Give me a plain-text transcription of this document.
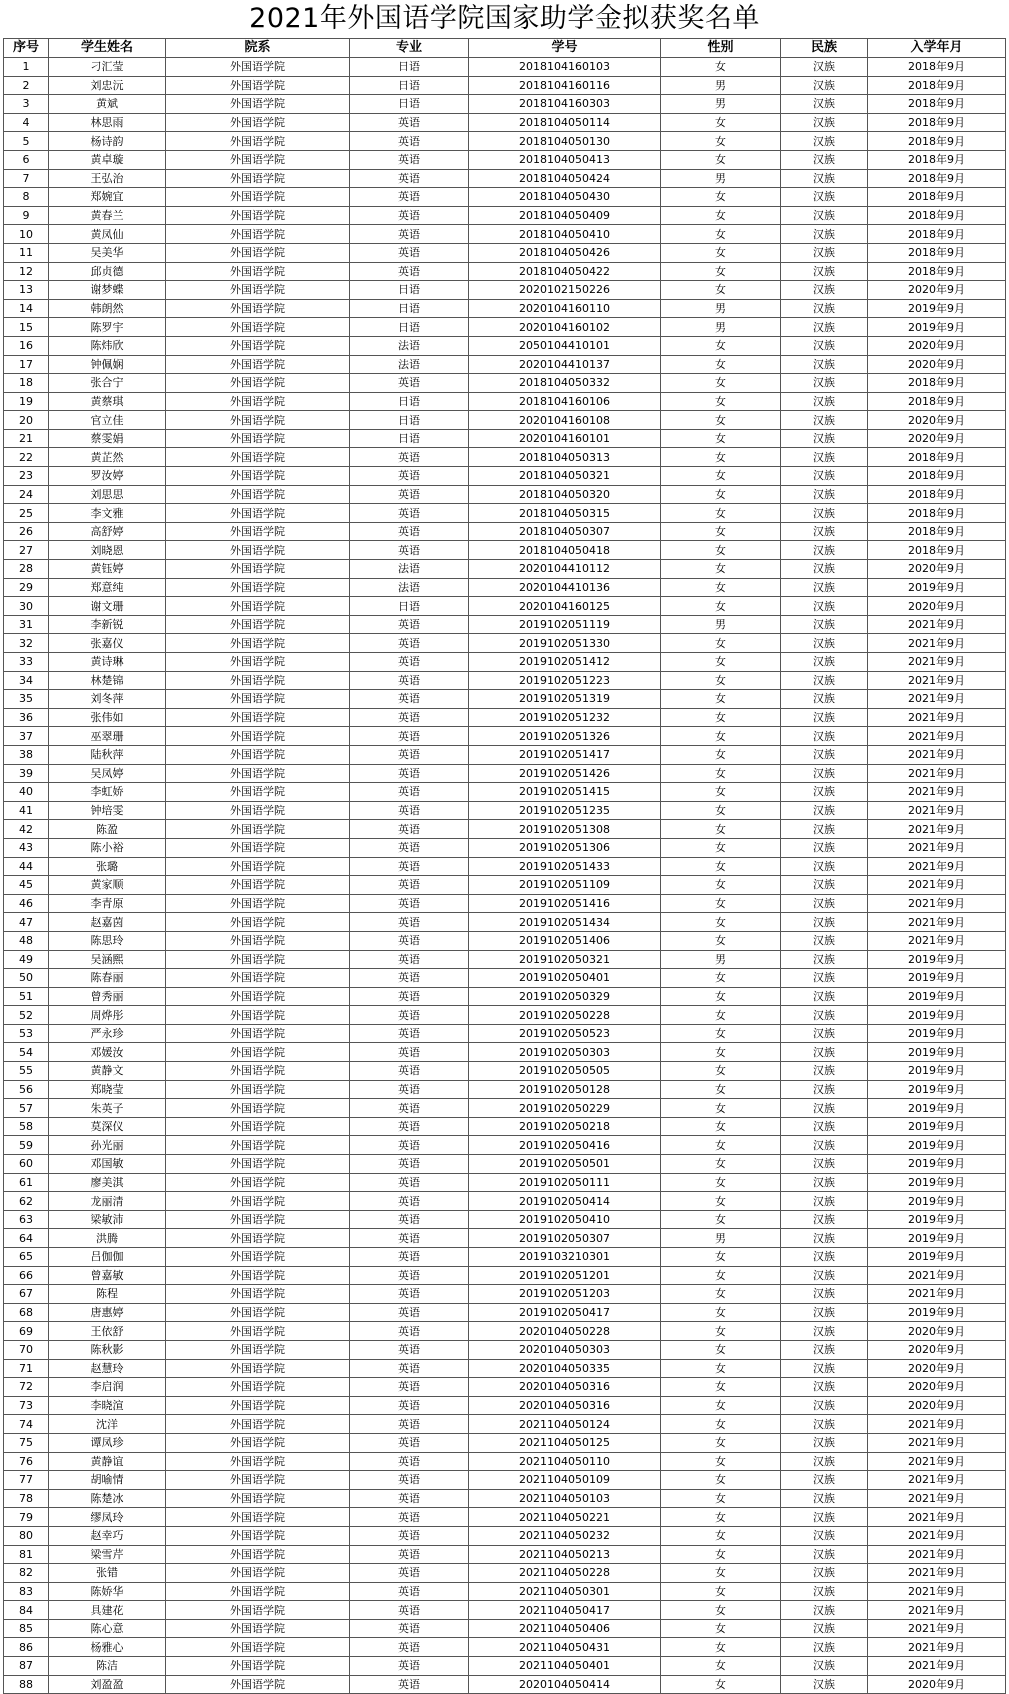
2021年外国语学院国家助学金拟获奖名单
序号	学生姓名	院系	专业	学号	性别	民族	入学年月
1	刁汇莹	外国语学院	日语	2018104160103	女	汉族	2018年9月
2	刘忠沅	外国语学院	日语	2018104160116	男	汉族	2018年9月
3	黄斌	外国语学院	日语	2018104160303	男	汉族	2018年9月
4	林思雨	外国语学院	英语	2018104050114	女	汉族	2018年9月
5	杨诗韵	外国语学院	英语	2018104050130	女	汉族	2018年9月
6	黄卓璇	外国语学院	英语	2018104050413	女	汉族	2018年9月
7	王弘治	外国语学院	英语	2018104050424	男	汉族	2018年9月
8	郑婉宜	外国语学院	英语	2018104050430	女	汉族	2018年9月
9	黄春兰	外国语学院	英语	2018104050409	女	汉族	2018年9月
10	黄凤仙	外国语学院	英语	2018104050410	女	汉族	2018年9月
11	吴美华	外国语学院	英语	2018104050426	女	汉族	2018年9月
12	邱贞德	外国语学院	英语	2018104050422	女	汉族	2018年9月
13	谢梦蝶	外国语学院	日语	2020102150226	女	汉族	2020年9月
14	韩朗然	外国语学院	日语	2020104160110	男	汉族	2019年9月
15	陈罗宇	外国语学院	日语	2020104160102	男	汉族	2019年9月
16	陈炜欣	外国语学院	法语	2050104410101	女	汉族	2020年9月
17	钟佩娴	外国语学院	法语	2020104410137	女	汉族	2020年9月
18	张合宁	外国语学院	英语	2018104050332	女	汉族	2018年9月
19	黄蔡琪	外国语学院	日语	2018104160106	女	汉族	2018年9月
20	官立佳	外国语学院	日语	2020104160108	女	汉族	2020年9月
21	蔡雯娟	外国语学院	日语	2020104160101	女	汉族	2020年9月
22	黄芷然	外国语学院	英语	2018104050313	女	汉族	2018年9月
23	罗汝婷	外国语学院	英语	2018104050321	女	汉族	2018年9月
24	刘思思	外国语学院	英语	2018104050320	女	汉族	2018年9月
25	李文雅	外国语学院	英语	2018104050315	女	汉族	2018年9月
26	高舒婷	外国语学院	英语	2018104050307	女	汉族	2018年9月
27	刘晓恩	外国语学院	英语	2018104050418	女	汉族	2018年9月
28	黄钰婷	外国语学院	法语	2020104410112	女	汉族	2020年9月
29	郑意纯	外国语学院	法语	2020104410136	女	汉族	2019年9月
30	谢文珊	外国语学院	日语	2020104160125	女	汉族	2020年9月
31	李新锐	外国语学院	英语	2019102051119	男	汉族	2021年9月
32	张嘉仪	外国语学院	英语	2019102051330	女	汉族	2021年9月
33	黄诗琳	外国语学院	英语	2019102051412	女	汉族	2021年9月
34	林楚锦	外国语学院	英语	2019102051223	女	汉族	2021年9月
35	刘冬萍	外国语学院	英语	2019102051319	女	汉族	2021年9月
36	张伟如	外国语学院	英语	2019102051232	女	汉族	2021年9月
37	巫翠珊	外国语学院	英语	2019102051326	女	汉族	2021年9月
38	陆秋萍	外国语学院	英语	2019102051417	女	汉族	2021年9月
39	吴凤婷	外国语学院	英语	2019102051426	女	汉族	2021年9月
40	李虹娇	外国语学院	英语	2019102051415	女	汉族	2021年9月
41	钟培雯	外国语学院	英语	2019102051235	女	汉族	2021年9月
42	陈盈	外国语学院	英语	2019102051308	女	汉族	2021年9月
43	陈小裕	外国语学院	英语	2019102051306	女	汉族	2021年9月
44	张璐	外国语学院	英语	2019102051433	女	汉族	2021年9月
45	黄家顺	外国语学院	英语	2019102051109	女	汉族	2021年9月
46	李青原	外国语学院	英语	2019102051416	女	汉族	2021年9月
47	赵嘉茵	外国语学院	英语	2019102051434	女	汉族	2021年9月
48	陈思玲	外国语学院	英语	2019102051406	女	汉族	2021年9月
49	吴涵熙	外国语学院	英语	2019102050321	男	汉族	2019年9月
50	陈春丽	外国语学院	英语	2019102050401	女	汉族	2019年9月
51	曾秀丽	外国语学院	英语	2019102050329	女	汉族	2019年9月
52	周烨彤	外国语学院	英语	2019102050228	女	汉族	2019年9月
53	严永珍	外国语学院	英语	2019102050523	女	汉族	2019年9月
54	邓媛汝	外国语学院	英语	2019102050303	女	汉族	2019年9月
55	黄静文	外国语学院	英语	2019102050505	女	汉族	2019年9月
56	郑晓莹	外国语学院	英语	2019102050128	女	汉族	2019年9月
57	朱英子	外国语学院	英语	2019102050229	女	汉族	2019年9月
58	莫深仪	外国语学院	英语	2019102050218	女	汉族	2019年9月
59	孙光丽	外国语学院	英语	2019102050416	女	汉族	2019年9月
60	邓国敏	外国语学院	英语	2019102050501	女	汉族	2019年9月
61	廖美淇	外国语学院	英语	2019102050111	女	汉族	2019年9月
62	龙丽清	外国语学院	英语	2019102050414	女	汉族	2019年9月
63	梁敏沛	外国语学院	英语	2019102050410	女	汉族	2019年9月
64	洪腾	外国语学院	英语	2019102050307	男	汉族	2019年9月
65	吕伽伽	外国语学院	英语	2019103210301	女	汉族	2019年9月
66	曾嘉敏	外国语学院	英语	2019102051201	女	汉族	2021年9月
67	陈程	外国语学院	英语	2019102051203	女	汉族	2021年9月
68	唐惠婷	外国语学院	英语	2019102050417	女	汉族	2019年9月
69	王依舒	外国语学院	英语	2020104050228	女	汉族	2020年9月
70	陈秋影	外国语学院	英语	2020104050303	女	汉族	2020年9月
71	赵慧玲	外国语学院	英语	2020104050335	女	汉族	2020年9月
72	李启润	外国语学院	英语	2020104050316	女	汉族	2020年9月
73	李晓渲	外国语学院	英语	2020104050316	女	汉族	2020年9月
74	沈洋	外国语学院	英语	2021104050124	女	汉族	2021年9月
75	谭凤珍	外国语学院	英语	2021104050125	女	汉族	2021年9月
76	黄静谊	外国语学院	英语	2021104050110	女	汉族	2021年9月
77	胡喻情	外国语学院	英语	2021104050109	女	汉族	2021年9月
78	陈楚冰	外国语学院	英语	2021104050103	女	汉族	2021年9月
79	缪凤玲	外国语学院	英语	2021104050221	女	汉族	2021年9月
80	赵幸巧	外国语学院	英语	2021104050232	女	汉族	2021年9月
81	梁雪芹	外国语学院	英语	2021104050213	女	汉族	2021年9月
82	张错	外国语学院	英语	2021104050228	女	汉族	2021年9月
83	陈娇华	外国语学院	英语	2021104050301	女	汉族	2021年9月
84	具建花	外国语学院	英语	2021104050417	女	汉族	2021年9月
85	陈心意	外国语学院	英语	2021104050406	女	汉族	2021年9月
86	杨雅心	外国语学院	英语	2021104050431	女	汉族	2021年9月
87	陈洁	外国语学院	英语	2021104050401	女	汉族	2021年9月
88	刘盈盈	外国语学院	英语	2020104050414	女	汉族	2020年9月
